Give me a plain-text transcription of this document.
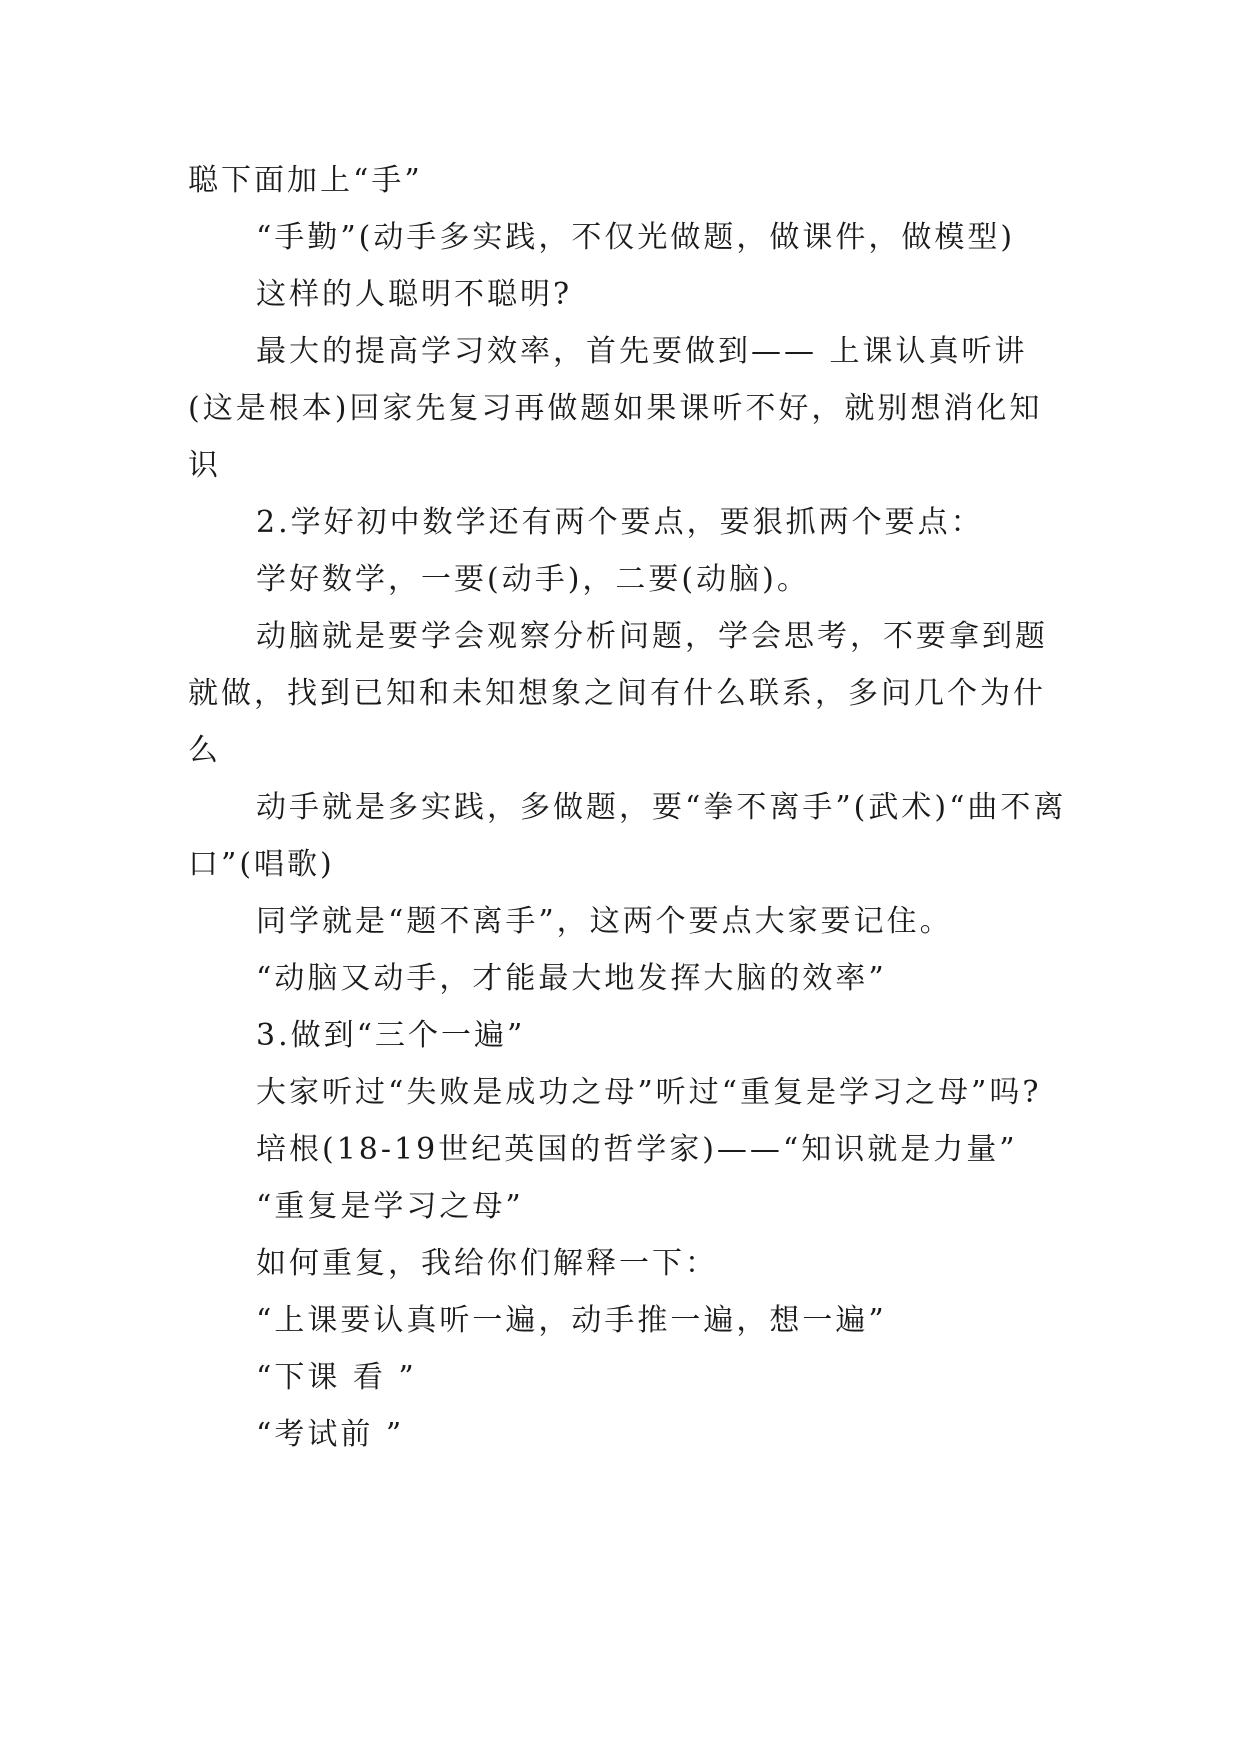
聪下面加上“手”

“手勤”(动手多实践，不仅光做题，做课件，做模型)

这样的人聪明不聪明?

最大的提高学习效率，首先要做到—— 上课认真听讲(这是根本)回家先复习再做题如果课听不好，就别想消化知识

2.学好初中数学还有两个要点，要狠抓两个要点：

学好数学，一要(动手)，二要(动脑)。

动脑就是要学会观察分析问题，学会思考，不要拿到题就做，找到已知和未知想象之间有什么联系，多问几个为什么

动手就是多实践，多做题，要“拳不离手”(武术)“曲不离口”(唱歌)

同学就是“题不离手”，这两个要点大家要记住。

“动脑又动手，才能最大地发挥大脑的效率”

3.做到“三个一遍”

大家听过“失败是成功之母”听过“重复是学习之母”吗?

培根(18-19世纪英国的哲学家)——“知识就是力量”

“重复是学习之母”

如何重复，我给你们解释一下：

“上课要认真听一遍，动手推一遍，想一遍”

“下课 看 ”

“考试前 ”
